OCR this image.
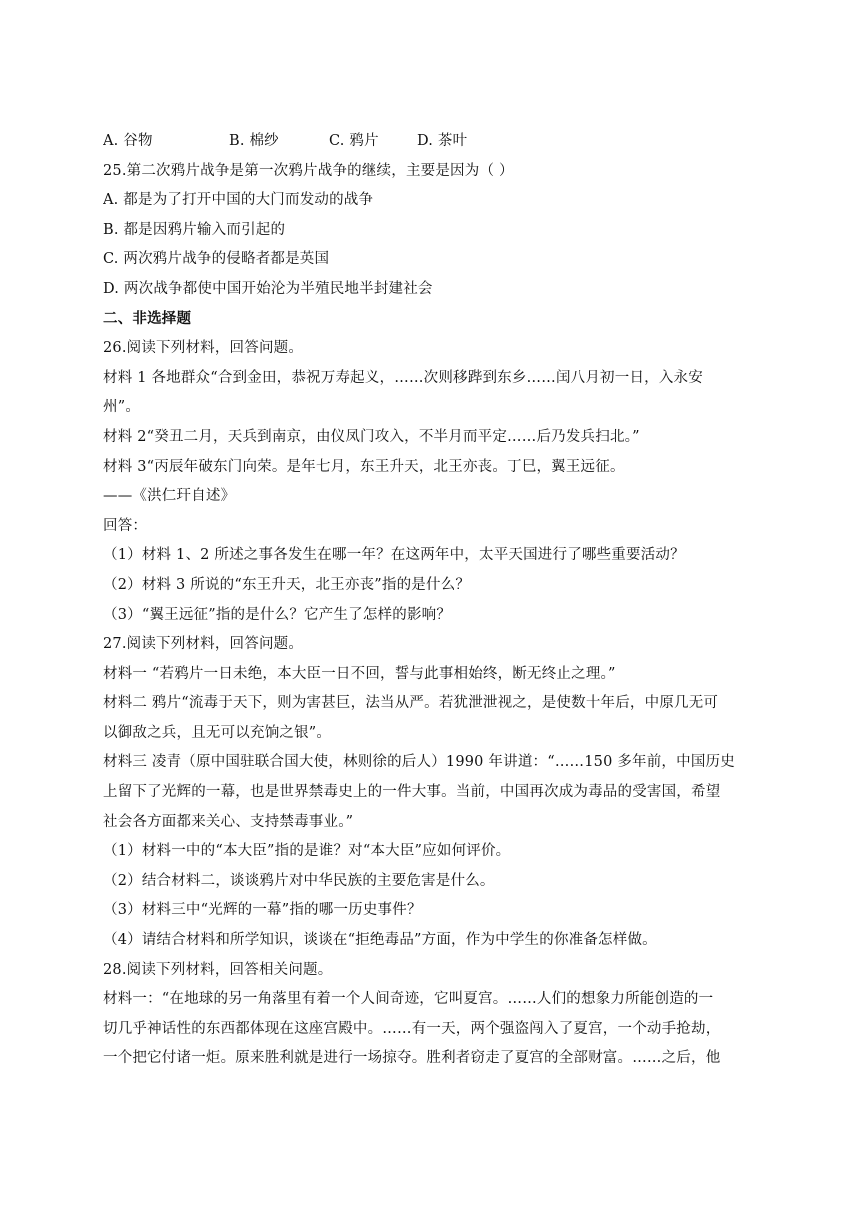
A. 谷物	B. 棉纱	C. 鸦片	D. 茶叶
25.第二次鸦片战争是第一次鸦片战争的继续，主要是因为（ ）
A. 都是为了打开中国的大门而发动的战争
B. 都是因鸦片输入而引起的
C. 两次鸦片战争的侵略者都是英国
D. 两次战争都使中国开始沦为半殖民地半封建社会
二、非选择题
26.阅读下列材料，回答问题。
材料 1 各地群众“合到金田，恭祝万寿起义，……次则移跸到东乡……闰八月初一日，入永安
州”。
材料 2“癸丑二月，天兵到南京，由仪凤门攻入，不半月而平定……后乃发兵扫北。”
材料 3“丙辰年破东门向荣。是年七月，东王升天，北王亦丧。丁巳，翼王远征。
——《洪仁玕自述》
回答：
（1）材料 1、2 所述之事各发生在哪一年？在这两年中，太平天国进行了哪些重要活动？
（2）材料 3 所说的“东王升天，北王亦丧”指的是什么？
（3）“翼王远征”指的是什么？它产生了怎样的影响？
27.阅读下列材料，回答问题。
材料一 “若鸦片一日未绝，本大臣一日不回，誓与此事相始终，断无终止之理。”
材料二 鸦片“流毒于天下，则为害甚巨，法当从严。若犹泄泄视之，是使数十年后，中原几无可
以御敌之兵，且无可以充饷之银”。
材料三 凌青（原中国驻联合国大使，林则徐的后人）1990 年讲道：“……150 多年前，中国历史
上留下了光辉的一幕，也是世界禁毒史上的一件大事。当前，中国再次成为毒品的受害国，希望
社会各方面都来关心、支持禁毒事业。”
（1）材料一中的“本大臣”指的是谁？对“本大臣”应如何评价。
（2）结合材料二，谈谈鸦片对中华民族的主要危害是什么。
（3）材料三中“光辉的一幕”指的哪一历史事件？
（4）请结合材料和所学知识，谈谈在“拒绝毒品”方面，作为中学生的你准备怎样做。
28.阅读下列材料，回答相关问题。
材料一：“在地球的另一角落里有着一个人间奇迹，它叫夏宫。……人们的想象力所能创造的一
切几乎神话性的东西都体现在这座宫殿中。……有一天，两个强盗闯入了夏宫，一个动手抢劫，
一个把它付诸一炬。原来胜利就是进行一场掠夺。胜利者窃走了夏宫的全部财富。……之后，他
